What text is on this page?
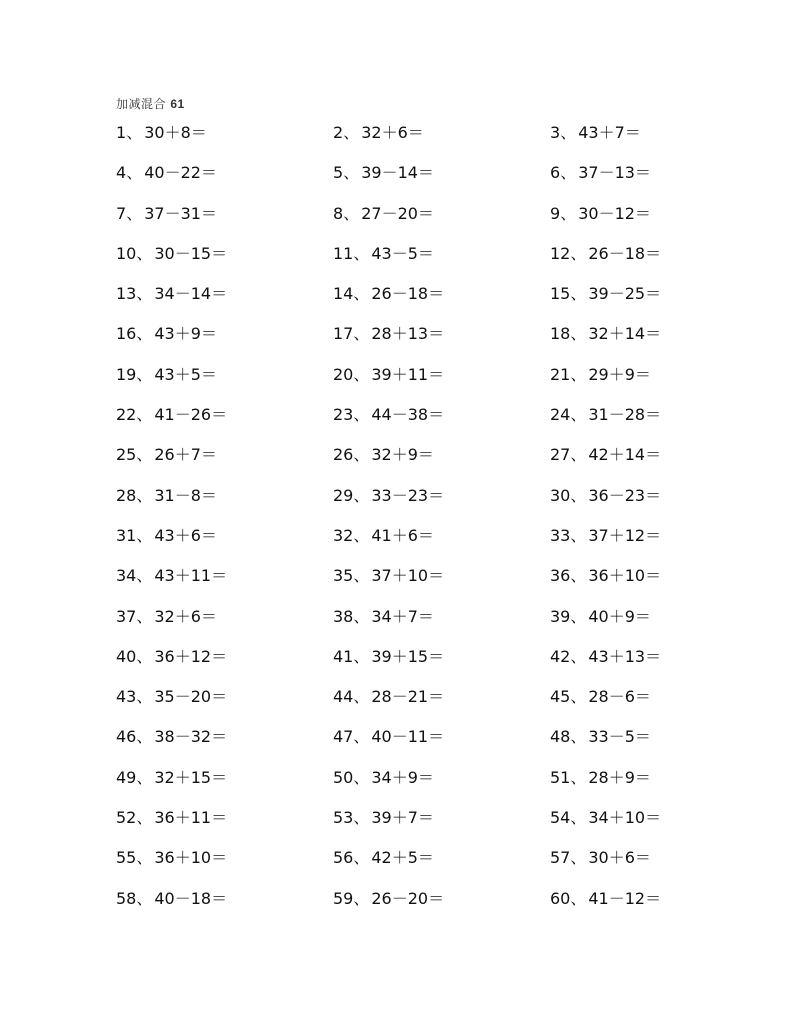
加减混合 61
1、 30＋8＝	2、 32＋6＝	3、 43＋7＝
4、 40－22＝	5、 39－14＝	6、 37－13＝
7、 37－31＝	8、 27－20＝	9、 30－12＝
10、 30－15＝	11、 43－5＝	12、 26－18＝
13、 34－14＝	14、 26－18＝	15、 39－25＝
16、 43＋9＝	17、 28＋13＝	18、 32＋14＝
19、 43＋5＝	20、 39＋11＝	21、 29＋9＝
22、 41－26＝	23、 44－38＝	24、 31－28＝
25、 26＋7＝	26、 32＋9＝	27、 42＋14＝
28、 31－8＝	29、 33－23＝	30、 36－23＝
31、 43＋6＝	32、 41＋6＝	33、 37＋12＝
34、 43＋11＝	35、 37＋10＝	36、 36＋10＝
37、 32＋6＝	38、 34＋7＝	39、 40＋9＝
40、 36＋12＝	41、 39＋15＝	42、 43＋13＝
43、 35－20＝	44、 28－21＝	45、 28－6＝
46、 38－32＝	47、 40－11＝	48、 33－5＝
49、 32＋15＝	50、 34＋9＝	51、 28＋9＝
52、 36＋11＝	53、 39＋7＝	54、 34＋10＝
55、 36＋10＝	56、 42＋5＝	57、 30＋6＝
58、 40－18＝	59、 26－20＝	60、 41－12＝
